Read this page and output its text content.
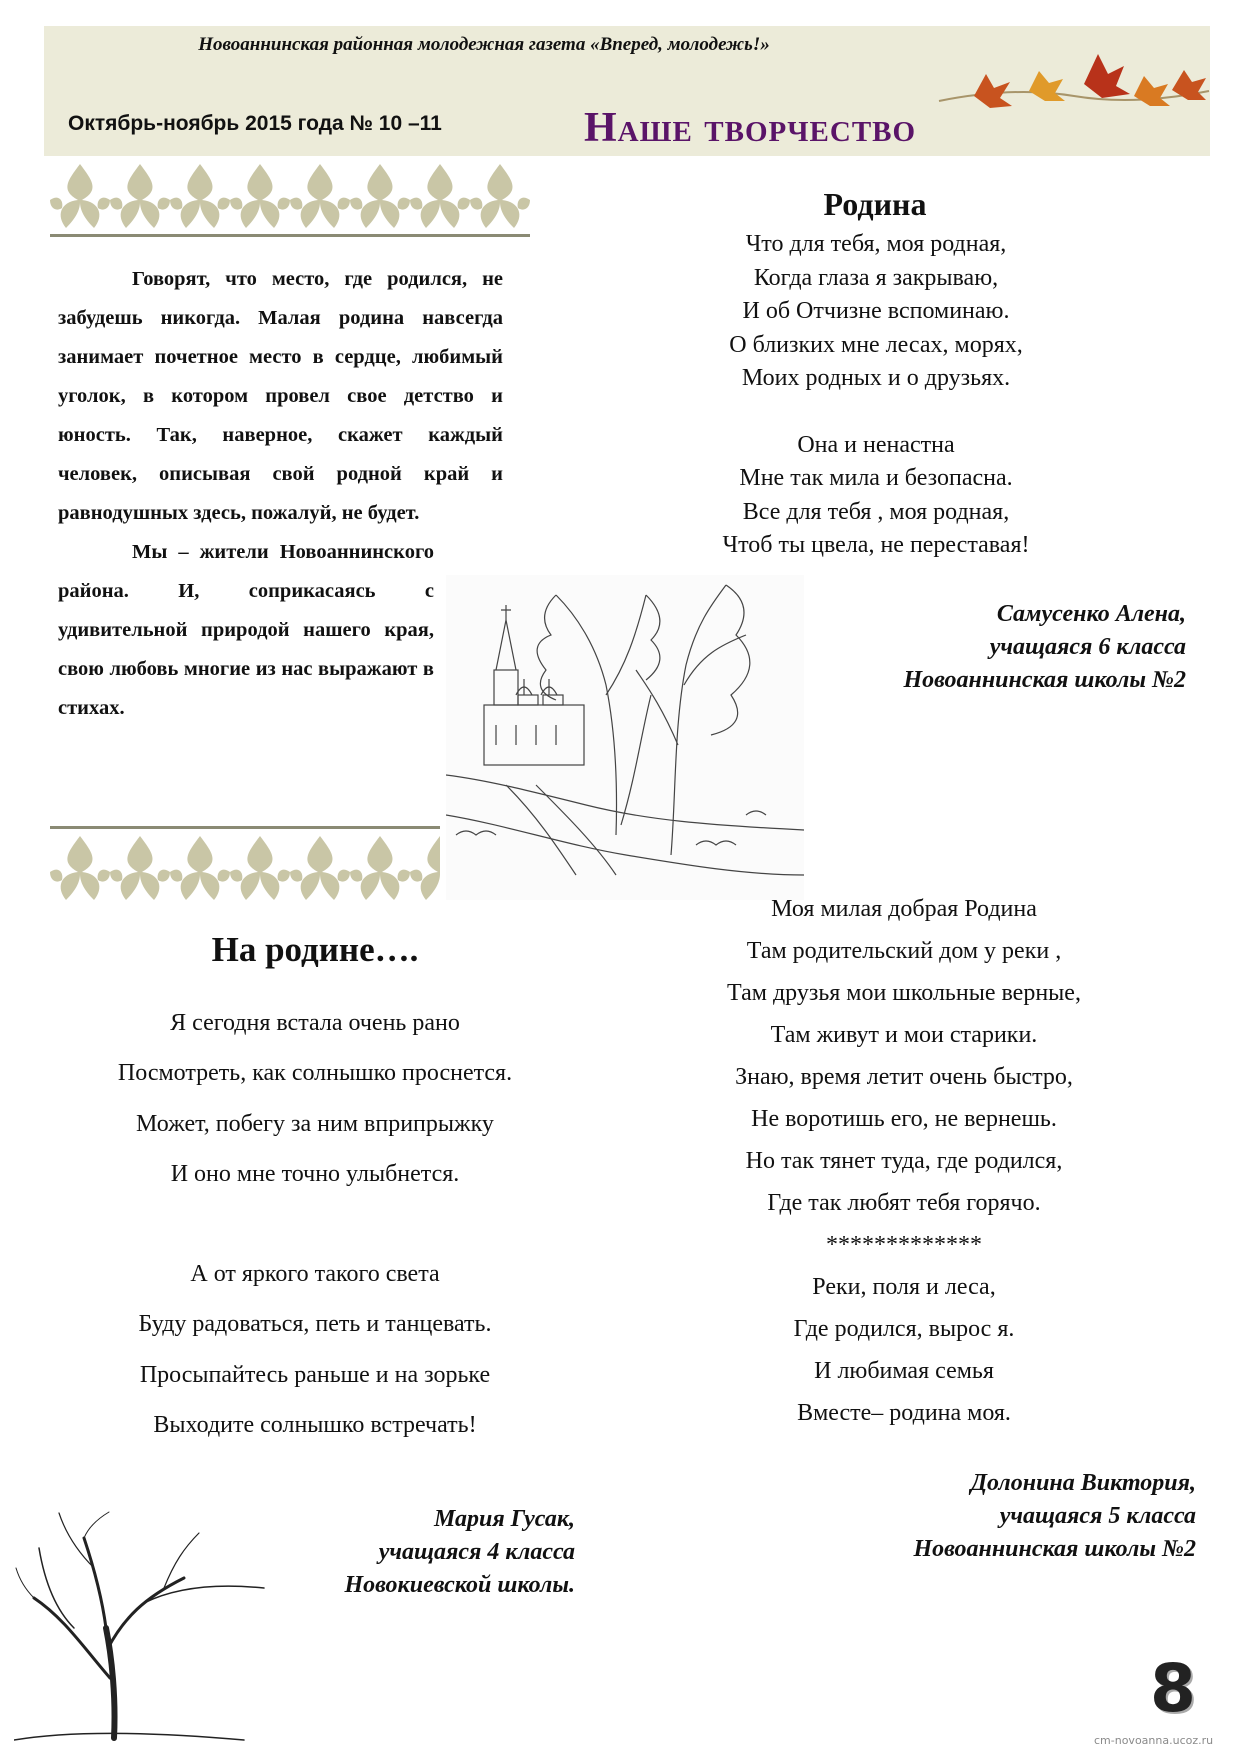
Новоаннинская районная молодежная газета «Вперед, молодежь!»
Октябрь-ноябрь 2015 года № 10 –11	Наше творчество

Говорят, что место, где родился, не забудешь никогда. Малая родина навсегда занимает почетное место в сердце, любимый уголок, в котором провел свое детство и юность. Так, наверное, скажет каждый человек, описывая свой родной край и равнодушных здесь, пожалуй, не будет.

Мы – жители Новоаннинского района. И, соприкасаясь с удивительной природой нашего края, свою любовь многие из нас выражают в стихах.

Родина
Что для тебя, моя родная,
Когда глаза я закрываю,
И об Отчизне вспоминаю.
О близких мне лесах, морях,
Моих родных и о друзьях.
Она и ненастна
Мне так мила и безопасна.
Все для тебя , моя родная,
Чтоб ты цвела, не переставая!
Самусенко Алена,
учащаяся 6 класса
Новоаннинская школы №2
Моя милая добрая Родина
Там родительский дом у реки ,
Там друзья мои школьные верные,
Там живут и мои старики.
Знаю, время летит очень быстро,
Не воротишь его, не вернешь.
Но так тянет туда, где родился,
Где так любят тебя горячо.
*************
Реки, поля и леса,
Где родился, вырос я.
И любимая семья
Вместе– родина моя.
Долонина Виктория,
учащаяся 5 класса
Новоаннинская школы №2
На родине….
Я сегодня встала очень рано
Посмотреть, как солнышко проснется.
Может, побегу за ним вприпрыжку
И оно мне точно улыбнется.
А от яркого такого света
Буду радоваться, петь и танцевать.
Просыпайтесь раньше и на зорьке
Выходите солнышко встречать!
Мария Гусак,
учащаяся 4 класса
Новокиевской школы.
8
cm-novoanna.ucoz.ru
